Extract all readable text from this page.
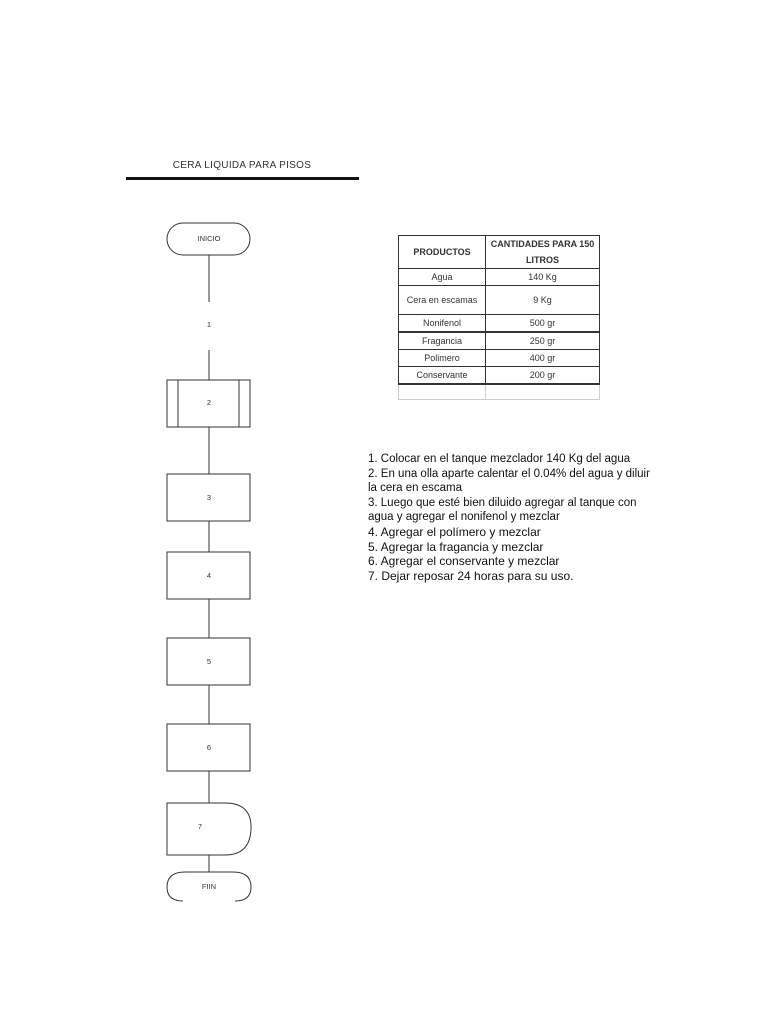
CERA LIQUIDA PARA PISOS
INICIO
1
2
3
4
5
6
7
FIIN
PRODUCTOS	CANTIDADES PARA 150 LITROS
Agua	140 Kg
Cera en escamas	9 Kg
Nonifenol	500 gr
Fragancia	250 gr
Polimero	400 gr
Conservante	200 gr

1. Colocar en el tanque mezclador 140 Kg del agua
2. En una olla aparte calentar el 0.04% del agua y diluir la cera en escama
3. Luego que esté bien diluido agregar al tanque con agua y agregar el nonifenol y mezclar
4. Agregar el polímero y mezclar
5. Agregar la fragancia y mezclar
6. Agregar el conservante y mezclar
7. Dejar reposar 24 horas para su uso.
